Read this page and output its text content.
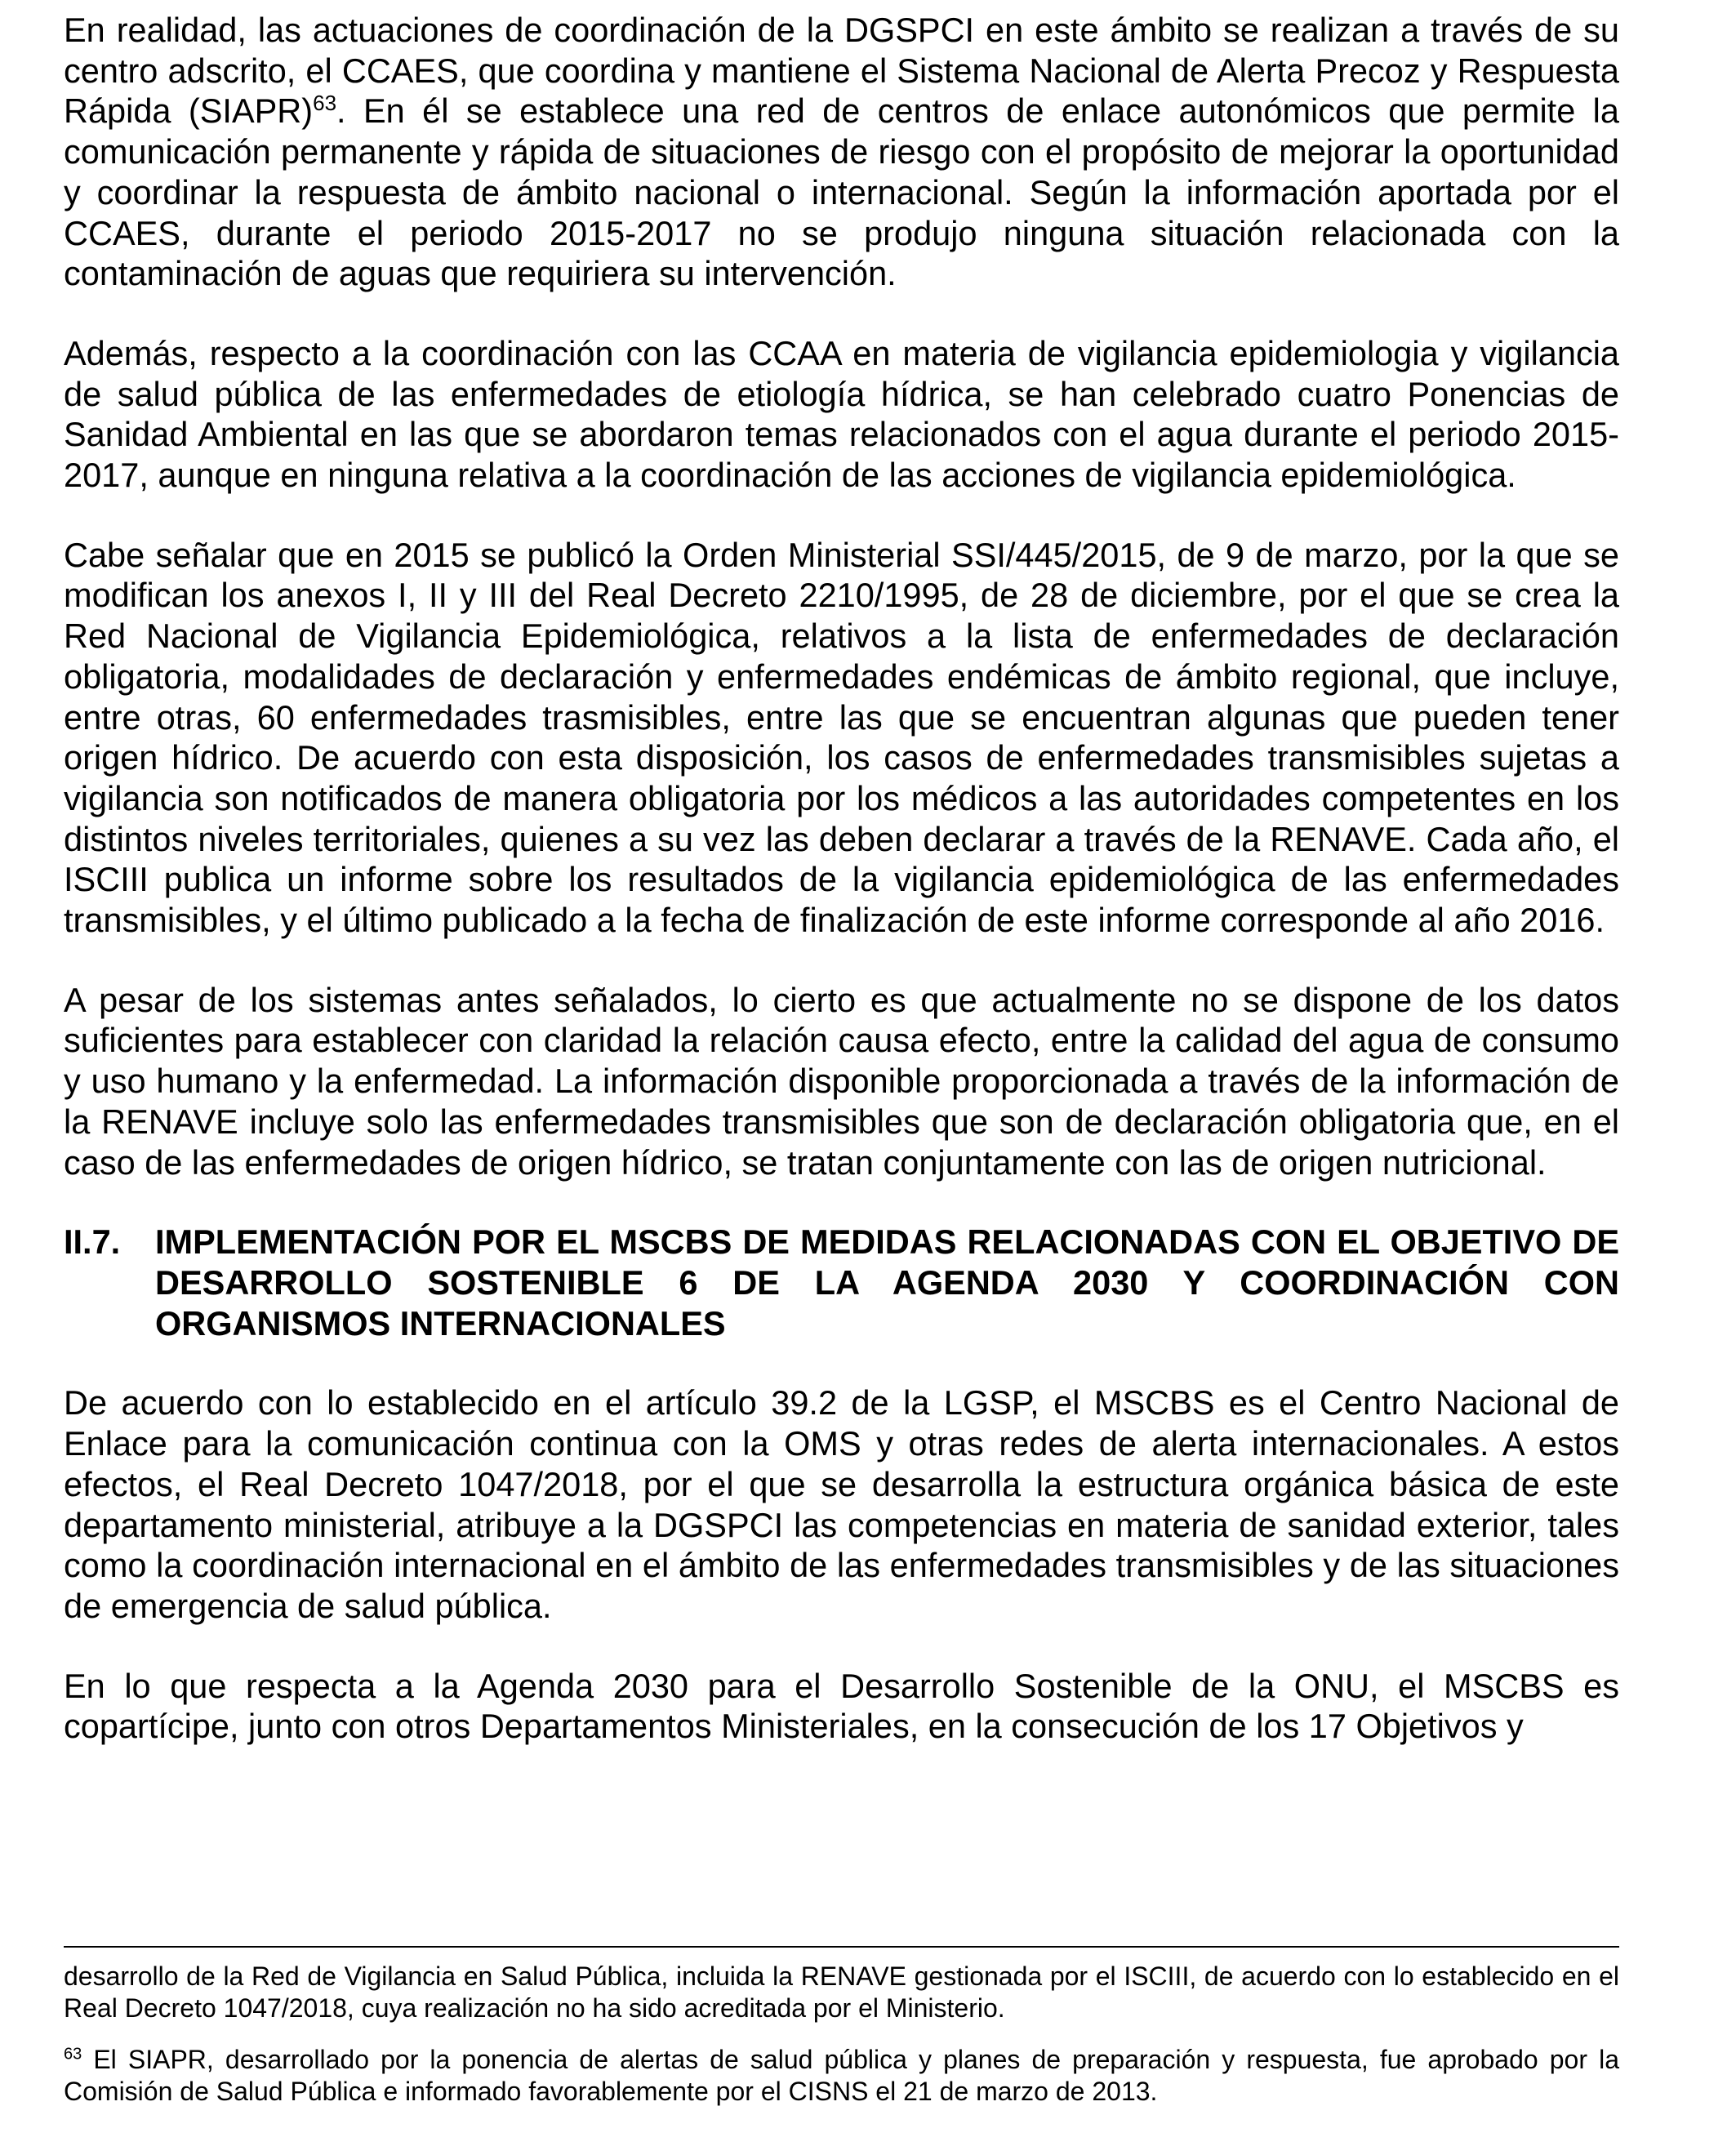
En realidad, las actuaciones de coordinación de la DGSPCI en este ámbito se realizan a través de su centro adscrito, el CCAES, que coordina y mantiene el Sistema Nacional de Alerta Precoz y Respuesta Rápida (SIAPR)$^{63}$. En él se establece una red de centros de enlace autonómicos que permite la comunicación permanente y rápida de situaciones de riesgo con el propósito de mejorar la oportunidad y coordinar la respuesta de ámbito nacional o internacional. Según la información aportada por el CCAES, durante el periodo 2015-2017 no se produjo ninguna situación relacionada con la contaminación de aguas que requiriera su intervención.

Además, respecto a la coordinación con las CCAA en materia de vigilancia epidemiologia y vigilancia de salud pública de las enfermedades de etiología hídrica, se han celebrado cuatro Ponencias de Sanidad Ambiental en las que se abordaron temas relacionados con el agua durante el periodo 2015-2017, aunque en ninguna relativa a la coordinación de las acciones de vigilancia epidemiológica.

Cabe señalar que en 2015 se publicó la Orden Ministerial SSI/445/2015, de 9 de marzo, por la que se modifican los anexos I, II y III del Real Decreto 2210/1995, de 28 de diciembre, por el que se crea la Red Nacional de Vigilancia Epidemiológica, relativos a la lista de enfermedades de declaración obligatoria, modalidades de declaración y enfermedades endémicas de ámbito regional, que incluye, entre otras, 60 enfermedades trasmisibles, entre las que se encuentran algunas que pueden tener origen hídrico. De acuerdo con esta disposición, los casos de enfermedades transmisibles sujetas a vigilancia son notificados de manera obligatoria por los médicos a las autoridades competentes en los distintos niveles territoriales, quienes a su vez las deben declarar a través de la RENAVE. Cada año, el ISCIII publica un informe sobre los resultados de la vigilancia epidemiológica de las enfermedades transmisibles, y el último publicado a la fecha de finalización de este informe corresponde al año 2016.

A pesar de los sistemas antes señalados, lo cierto es que actualmente no se dispone de los datos suficientes para establecer con claridad la relación causa efecto, entre la calidad del agua de consumo y uso humano y la enfermedad. La información disponible proporcionada a través de la información de la RENAVE incluye solo las enfermedades transmisibles que son de declaración obligatoria que, en el caso de las enfermedades de origen hídrico, se tratan conjuntamente con las de origen nutricional.

II.7. IMPLEMENTACIÓN POR EL MSCBS DE MEDIDAS RELACIONADAS CON EL OBJETIVO DE DESARROLLO SOSTENIBLE 6 DE LA AGENDA 2030 Y COORDINACIÓN CON ORGANISMOS INTERNACIONALES

De acuerdo con lo establecido en el artículo 39.2 de la LGSP, el MSCBS es el Centro Nacional de Enlace para la comunicación continua con la OMS y otras redes de alerta internacionales. A estos efectos, el Real Decreto 1047/2018, por el que se desarrolla la estructura orgánica básica de este departamento ministerial, atribuye a la DGSPCI las competencias en materia de sanidad exterior, tales como la coordinación internacional en el ámbito de las enfermedades transmisibles y de las situaciones de emergencia de salud pública.

En lo que respecta a la Agenda 2030 para el Desarrollo Sostenible de la ONU, el MSCBS es copartícipe, junto con otros Departamentos Ministeriales, en la consecución de los 17 Objetivos y

desarrollo de la Red de Vigilancia en Salud Pública, incluida la RENAVE gestionada por el ISCIII, de acuerdo con lo establecido en el Real Decreto 1047/2018, cuya realización no ha sido acreditada por el Ministerio.

$^{63}$ El SIAPR, desarrollado por la ponencia de alertas de salud pública y planes de preparación y respuesta, fue aprobado por la Comisión de Salud Pública e informado favorablemente por el CISNS el 21 de marzo de 2013.
